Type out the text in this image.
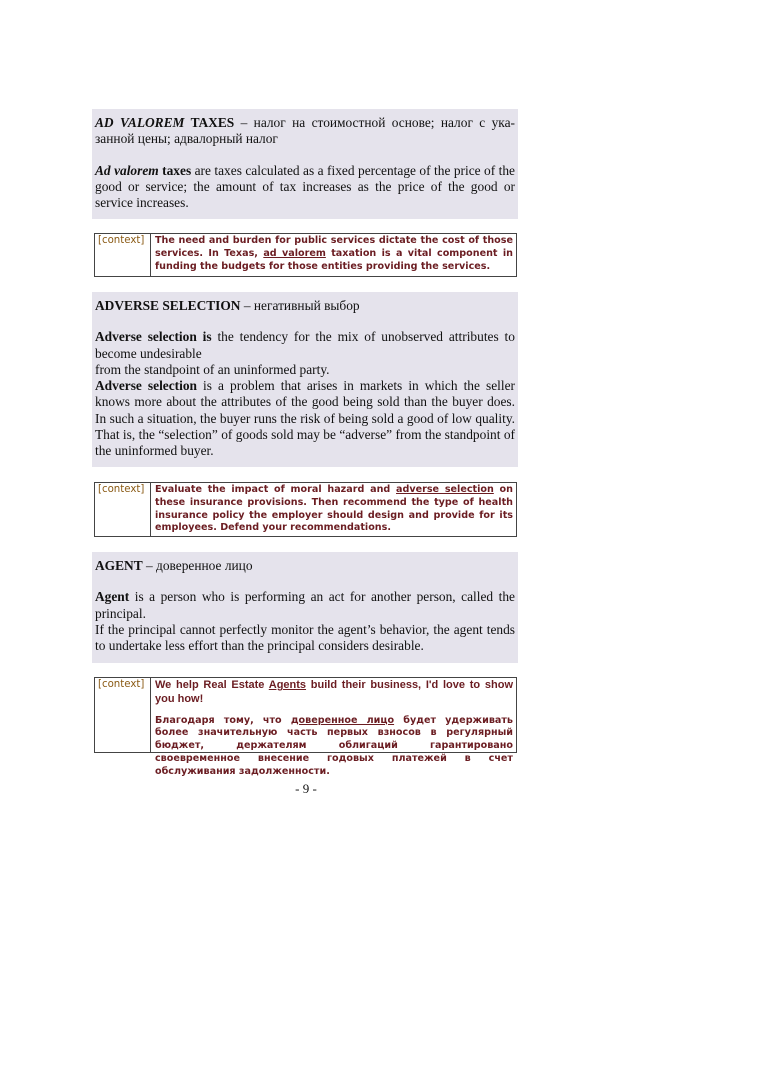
AD VALOREM TAXES – налог на стоимостной основе; налог с указанной цены; адвалорный налог

Ad valorem taxes are taxes calculated as a fixed percentage of the price of the good or service; the amount of tax increases as the price of the good or service increases.

[context]	The need and burden for public services dictate the cost of those services. In Texas, ad valorem taxation is a vital component in funding the budgets for those entities providing the services.

ADVERSE SELECTION – негативный выбор

Adverse selection is the tendency for the mix of unobserved attributes to become undesirable

from the standpoint of an uninformed party.

Adverse selection is a problem that arises in markets in which the seller knows more about the attributes of the good being sold than the buyer does. In such a situation, the buyer runs the risk of being sold a good of low quality. That is, the “selection” of goods sold may be “adverse” from the standpoint of the uninformed buyer.

[context]	Evaluate the impact of moral hazard and adverse selection on these insurance provisions. Then recommend the type of health insurance policy the employer should design and provide for its employees. Defend your recommendations.

AGENT – доверенное лицо

Agent is a person who is performing an act for another person, called the principal.

If the principal cannot perfectly monitor the agent’s behavior, the agent tends to undertake less effort than the principal considers desirable.

[context] We help Real Estate Agents build their business, I'd love to show you how!
Благодаря тому, что доверенное лицо будет удерживать более значительную часть первых взносов в регулярный бюджет, держателям облигаций гарантировано своевременное внесение годовых платежей в счет обслуживания задолженности.
- 9 -
